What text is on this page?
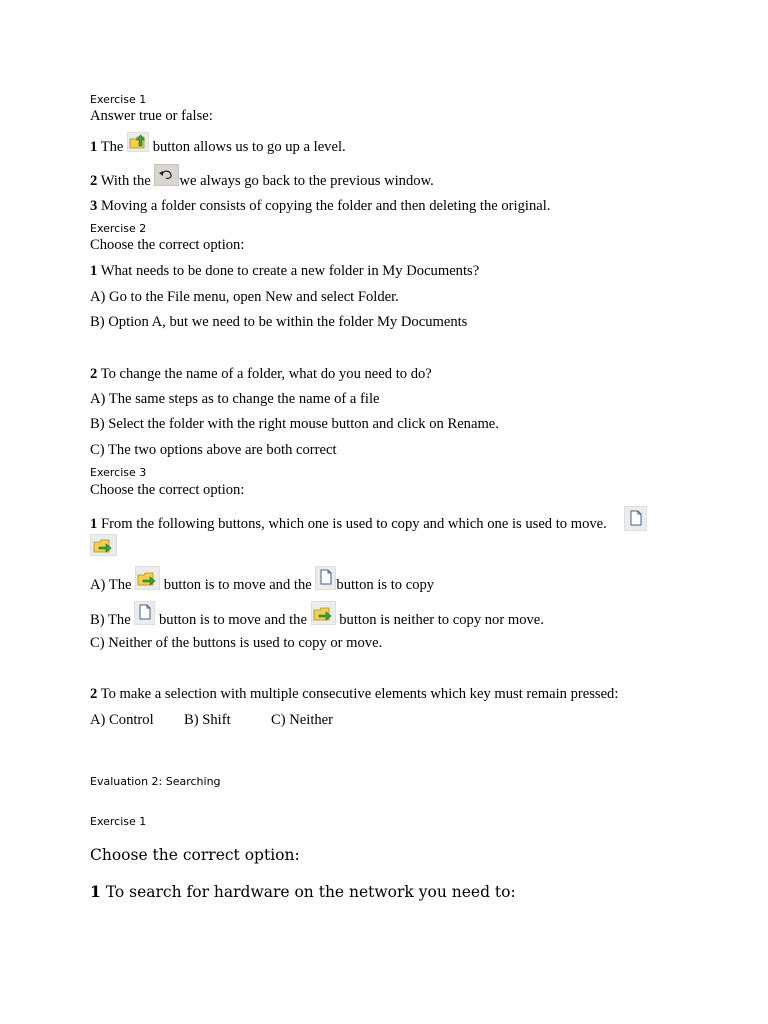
Exercise 1
Answer true or false:
1 The button allows us to go up a level.
2 With the we always go back to the previous window.
3 Moving a folder consists of copying the folder and then deleting the original.
Exercise 2
Choose the correct option:
1 What needs to be done to create a new folder in My Documents?
A) Go to the File menu, open New and select Folder.
B) Option A, but we need to be within the folder My Documents
2 To change the name of a folder, what do you need to do?
A) The same steps as to change the name of a file
B) Select the folder with the right mouse button and click on Rename.
C) The two options above are both correct
Exercise 3
Choose the correct option:
1 From the following buttons, which one is used to copy and which one is used to move.
A) The button is to move and the button is to copy
B) The button is to move and the button is neither to copy nor move.
C) Neither of the buttons is used to copy or move.
2 To make a selection with multiple consecutive elements which key must remain pressed:
A) Control B) Shift	C) Neither
Evaluation 2: Searching
Exercise 1
Choose the correct option:
1 To search for hardware on the network you need to:
